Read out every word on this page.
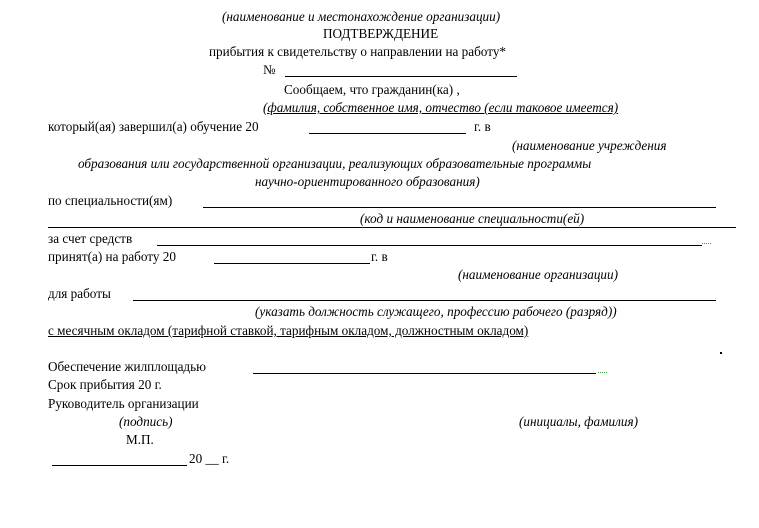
(наименование и местонахождение организации)
ПОДТВЕРЖДЕНИЕ
прибытия к свидетельству о направлении на работу*
№
Сообщаем, что гражданин(ка) ,
(фамилия, собственное имя, отчество (если таковое имеется)
который(ая) завершил(а) обучение 20	г. в
(наименование учреждения
образования или государственной организации, реализующих образовательные программы
научно-ориентированного образования)
по специальности(ям)
(код и наименование специальности(ей)
за счет средств
принят(а) на работу 20	г. в
(наименование организации)
для работы
(указать должность служащего, профессию рабочего (разряд))
с месячным окладом (тарифной ставкой, тарифным окладом, должностным окладом)
Обеспечение жилплощадью
Срок прибытия 20 г.
Руководитель организации
(подпись)	(инициалы, фамилия)
М.П.
20 __ г.
